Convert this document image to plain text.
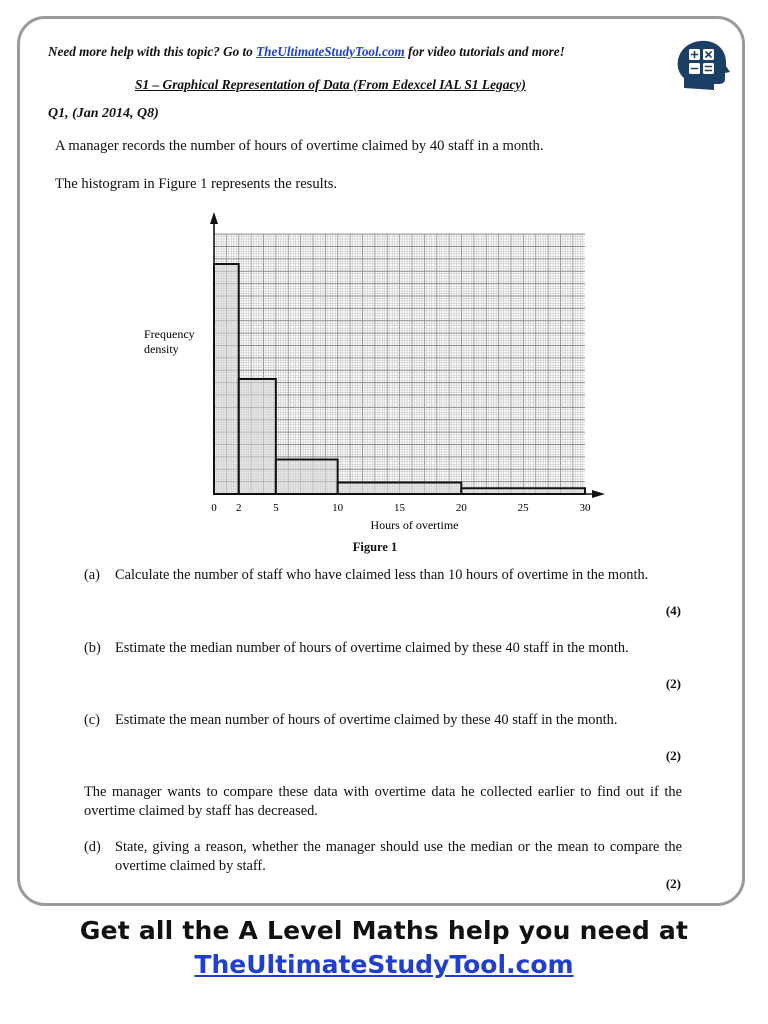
Need more help with this topic? Go to TheUltimateStudyTool.com for video tutorials and more!
S1 – Graphical Representation of Data (From Edexcel IAL S1 Legacy)
Q1, (Jan 2014, Q8)
A manager records the number of hours of overtime claimed by 40 staff in a month.
The histogram in Figure 1 represents the results.
0 2	5	10	15	20	25	30
Hours of overtime
Frequency
density
Figure 1
(a) Calculate the number of staff who have claimed less than 10 hours of overtime in the month.
(4)
(b) Estimate the median number of hours of overtime claimed by these 40 staff in the month.
(2)
(c) Estimate the mean number of hours of overtime claimed by these 40 staff in the month.
(2)
The manager wants to compare these data with overtime data he collected earlier to find out if the overtime claimed by staff has decreased.
(d) State, giving a reason, whether the manager should use the median or the mean to compare the overtime claimed by staff.
(2)
Get all the A Level Maths help you need at
TheUltimateStudyTool.com
